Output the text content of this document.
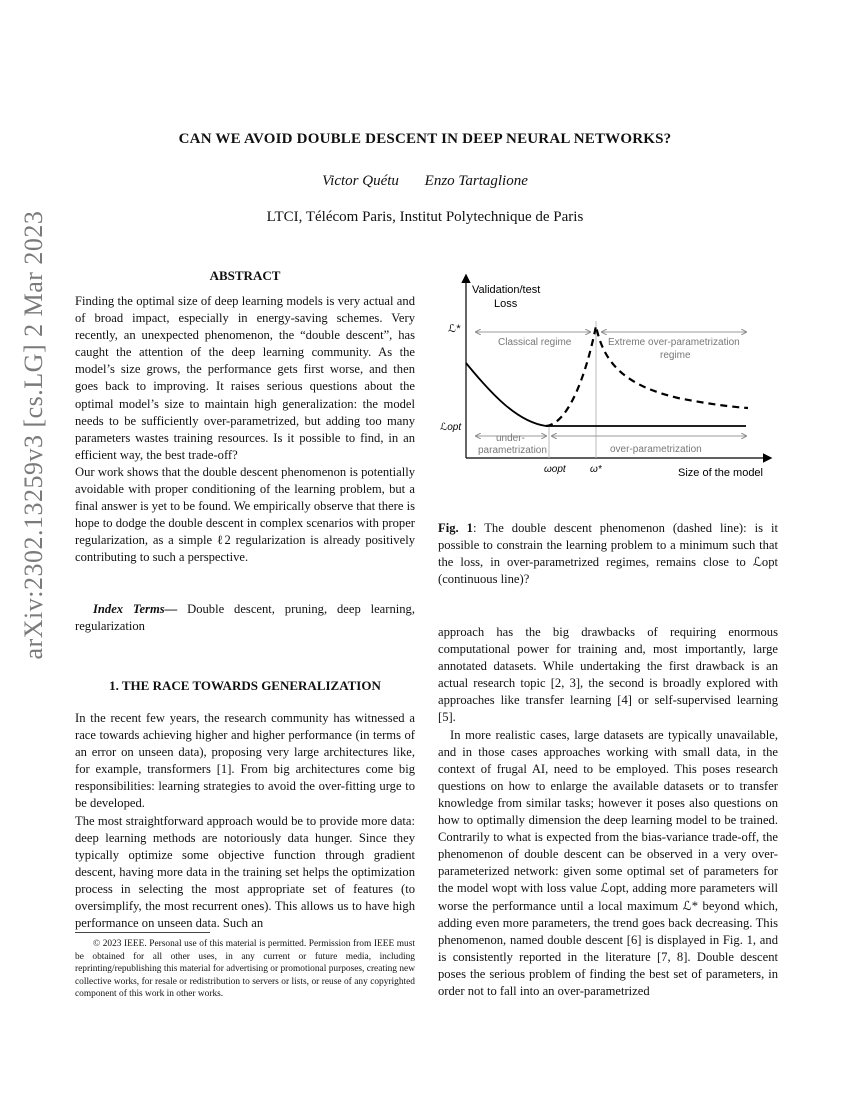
arXiv:2302.13259v3 [cs.LG] 2 Mar 2023
CAN WE AVOID DOUBLE DESCENT IN DEEP NEURAL NETWORKS?
Victor Quétu Enzo Tartaglione
LTCI, Télécom Paris, Institut Polytechnique de Paris
ABSTRACT

Finding the optimal size of deep learning models is very actual and of broad impact, especially in energy-saving schemes. Very recently, an unexpected phenomenon, the “double descent”, has caught the attention of the deep learning community. As the model’s size grows, the performance gets first worse, and then goes back to improving. It raises serious questions about the optimal model’s size to maintain high generalization: the model needs to be sufficiently over-parametrized, but adding too many parameters wastes training resources. Is it possible to find, in an efficient way, the best trade-off?

Our work shows that the double descent phenomenon is potentially avoidable with proper conditioning of the learning problem, but a final answer is yet to be found. We empirically observe that there is hope to dodge the double descent in complex scenarios with proper regularization, as a simple ℓ2 regularization is already positively contributing to such a perspective.

Index Terms— Double descent, pruning, deep learning, regularization
1. THE RACE TOWARDS GENERALIZATION

In the recent few years, the research community has witnessed a race towards achieving higher and higher performance (in terms of an error on unseen data), proposing very large architectures like, for example, transformers [1]. From big architectures come big responsibilities: learning strategies to avoid the over-fitting urge to be developed.

The most straightforward approach would be to provide more data: deep learning methods are notoriously data hunger. Since they typically optimize some objective function through gradient descent, having more data in the training set helps the optimization process in selecting the most appropriate set of features (to oversimplify, the most recurrent ones). This allows us to have high performance on unseen data. Such an

© 2023 IEEE. Personal use of this material is permitted. Permission from IEEE must be obtained for all other uses, in any current or future media, including reprinting/republishing this material for advertising or promotional purposes, creating new collective works, for resale or redistribution to servers or lists, or reuse of any copyrighted component of this work in other works.
Validation/test
Loss
Size of the model
ℒ*
ℒopt
ωopt ω*
Classical regime	Extreme over-parametrization
regime
under-
parametrization	over-parametrization
Fig. 1: The double descent phenomenon (dashed line): is it possible to constrain the learning problem to a minimum such that the loss, in over-parametrized regimes, remains close to ℒopt (continuous line)?

approach has the big drawbacks of requiring enormous computational power for training and, most importantly, large annotated datasets. While undertaking the first drawback is an actual research topic [2, 3], the second is broadly explored with approaches like transfer learning [4] or self-supervised learning [5].

In more realistic cases, large datasets are typically unavailable, and in those cases approaches working with small data, in the context of frugal AI, need to be employed. This poses research questions on how to enlarge the available datasets or to transfer knowledge from similar tasks; however it poses also questions on how to optimally dimension the deep learning model to be trained. Contrarily to what is expected from the bias-variance trade-off, the phenomenon of double descent can be observed in a very over-parameterized network: given some optimal set of parameters for the model wopt with loss value ℒopt, adding more parameters will worse the performance until a local maximum ℒ* beyond which, adding even more parameters, the trend goes back decreasing. This phenomenon, named double descent [6] is displayed in Fig. 1, and is consistently reported in the literature [7, 8]. Double descent poses the serious problem of finding the best set of parameters, in order not to fall into an over-parametrized
